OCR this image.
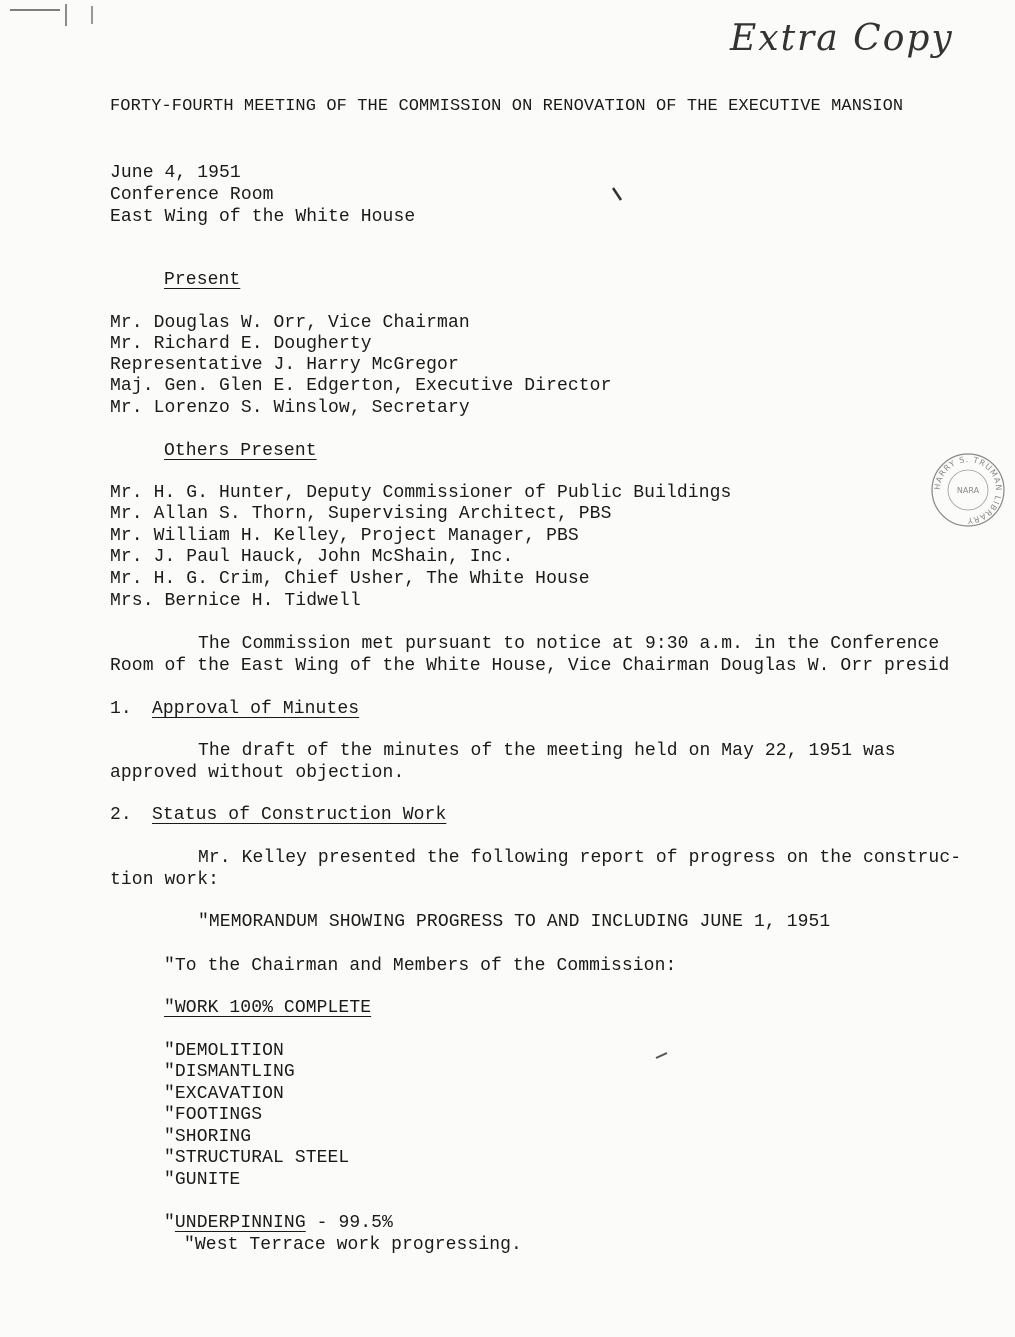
Extra Copy
FORTY-FOURTH MEETING OF THE COMMISSION ON RENOVATION OF THE EXECUTIVE MANSION
June 4, 1951
Conference Room
East Wing of the White House
Present
Mr. Douglas W. Orr, Vice Chairman
Mr. Richard E. Dougherty
Representative J. Harry McGregor
Maj. Gen. Glen E. Edgerton, Executive Director
Mr. Lorenzo S. Winslow, Secretary
Others Present
Mr. H. G. Hunter, Deputy Commissioner of Public Buildings
Mr. Allan S. Thorn, Supervising Architect, PBS
Mr. William H. Kelley, Project Manager, PBS
Mr. J. Paul Hauck, John McShain, Inc.
Mr. H. G. Crim, Chief Usher, The White House
Mrs. Bernice H. Tidwell
HARRY S. TRUMAN LIBRARY
NARA
The Commission met pursuant to notice at 9:30 a.m. in the Conference
Room of the East Wing of the White House, Vice Chairman Douglas W. Orr presid
1. Approval of Minutes
The draft of the minutes of the meeting held on May 22, 1951 was
approved without objection.
2. Status of Construction Work
Mr. Kelley presented the following report of progress on the construc-
tion work:
"MEMORANDUM SHOWING PROGRESS TO AND INCLUDING JUNE 1, 1951
"To the Chairman and Members of the Commission:
"WORK 100% COMPLETE
"DEMOLITION
"DISMANTLING
"EXCAVATION
"FOOTINGS
"SHORING
"STRUCTURAL STEEL
"GUNITE
"UNDERPINNING - 99.5%
"West Terrace work progressing.
